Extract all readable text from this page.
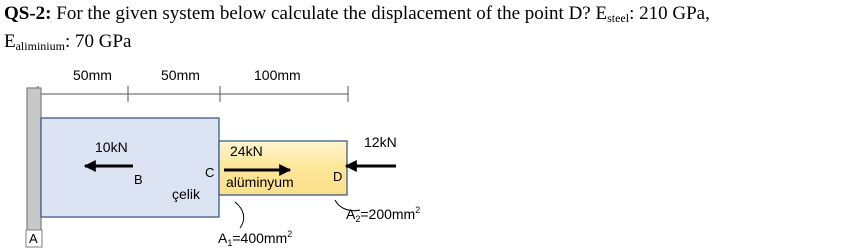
QS-2: For the given system below calculate the displacement of the point D? $E_{steel}$: 210 GPa,
$E_{aliminium}$: 70 GPa
50mm	50mm	100mm
A
10kN
B
24kN
C
12kN
D
alüminyum
çelik
$A_1=400mm^2$
$A_2=200mm^2$
